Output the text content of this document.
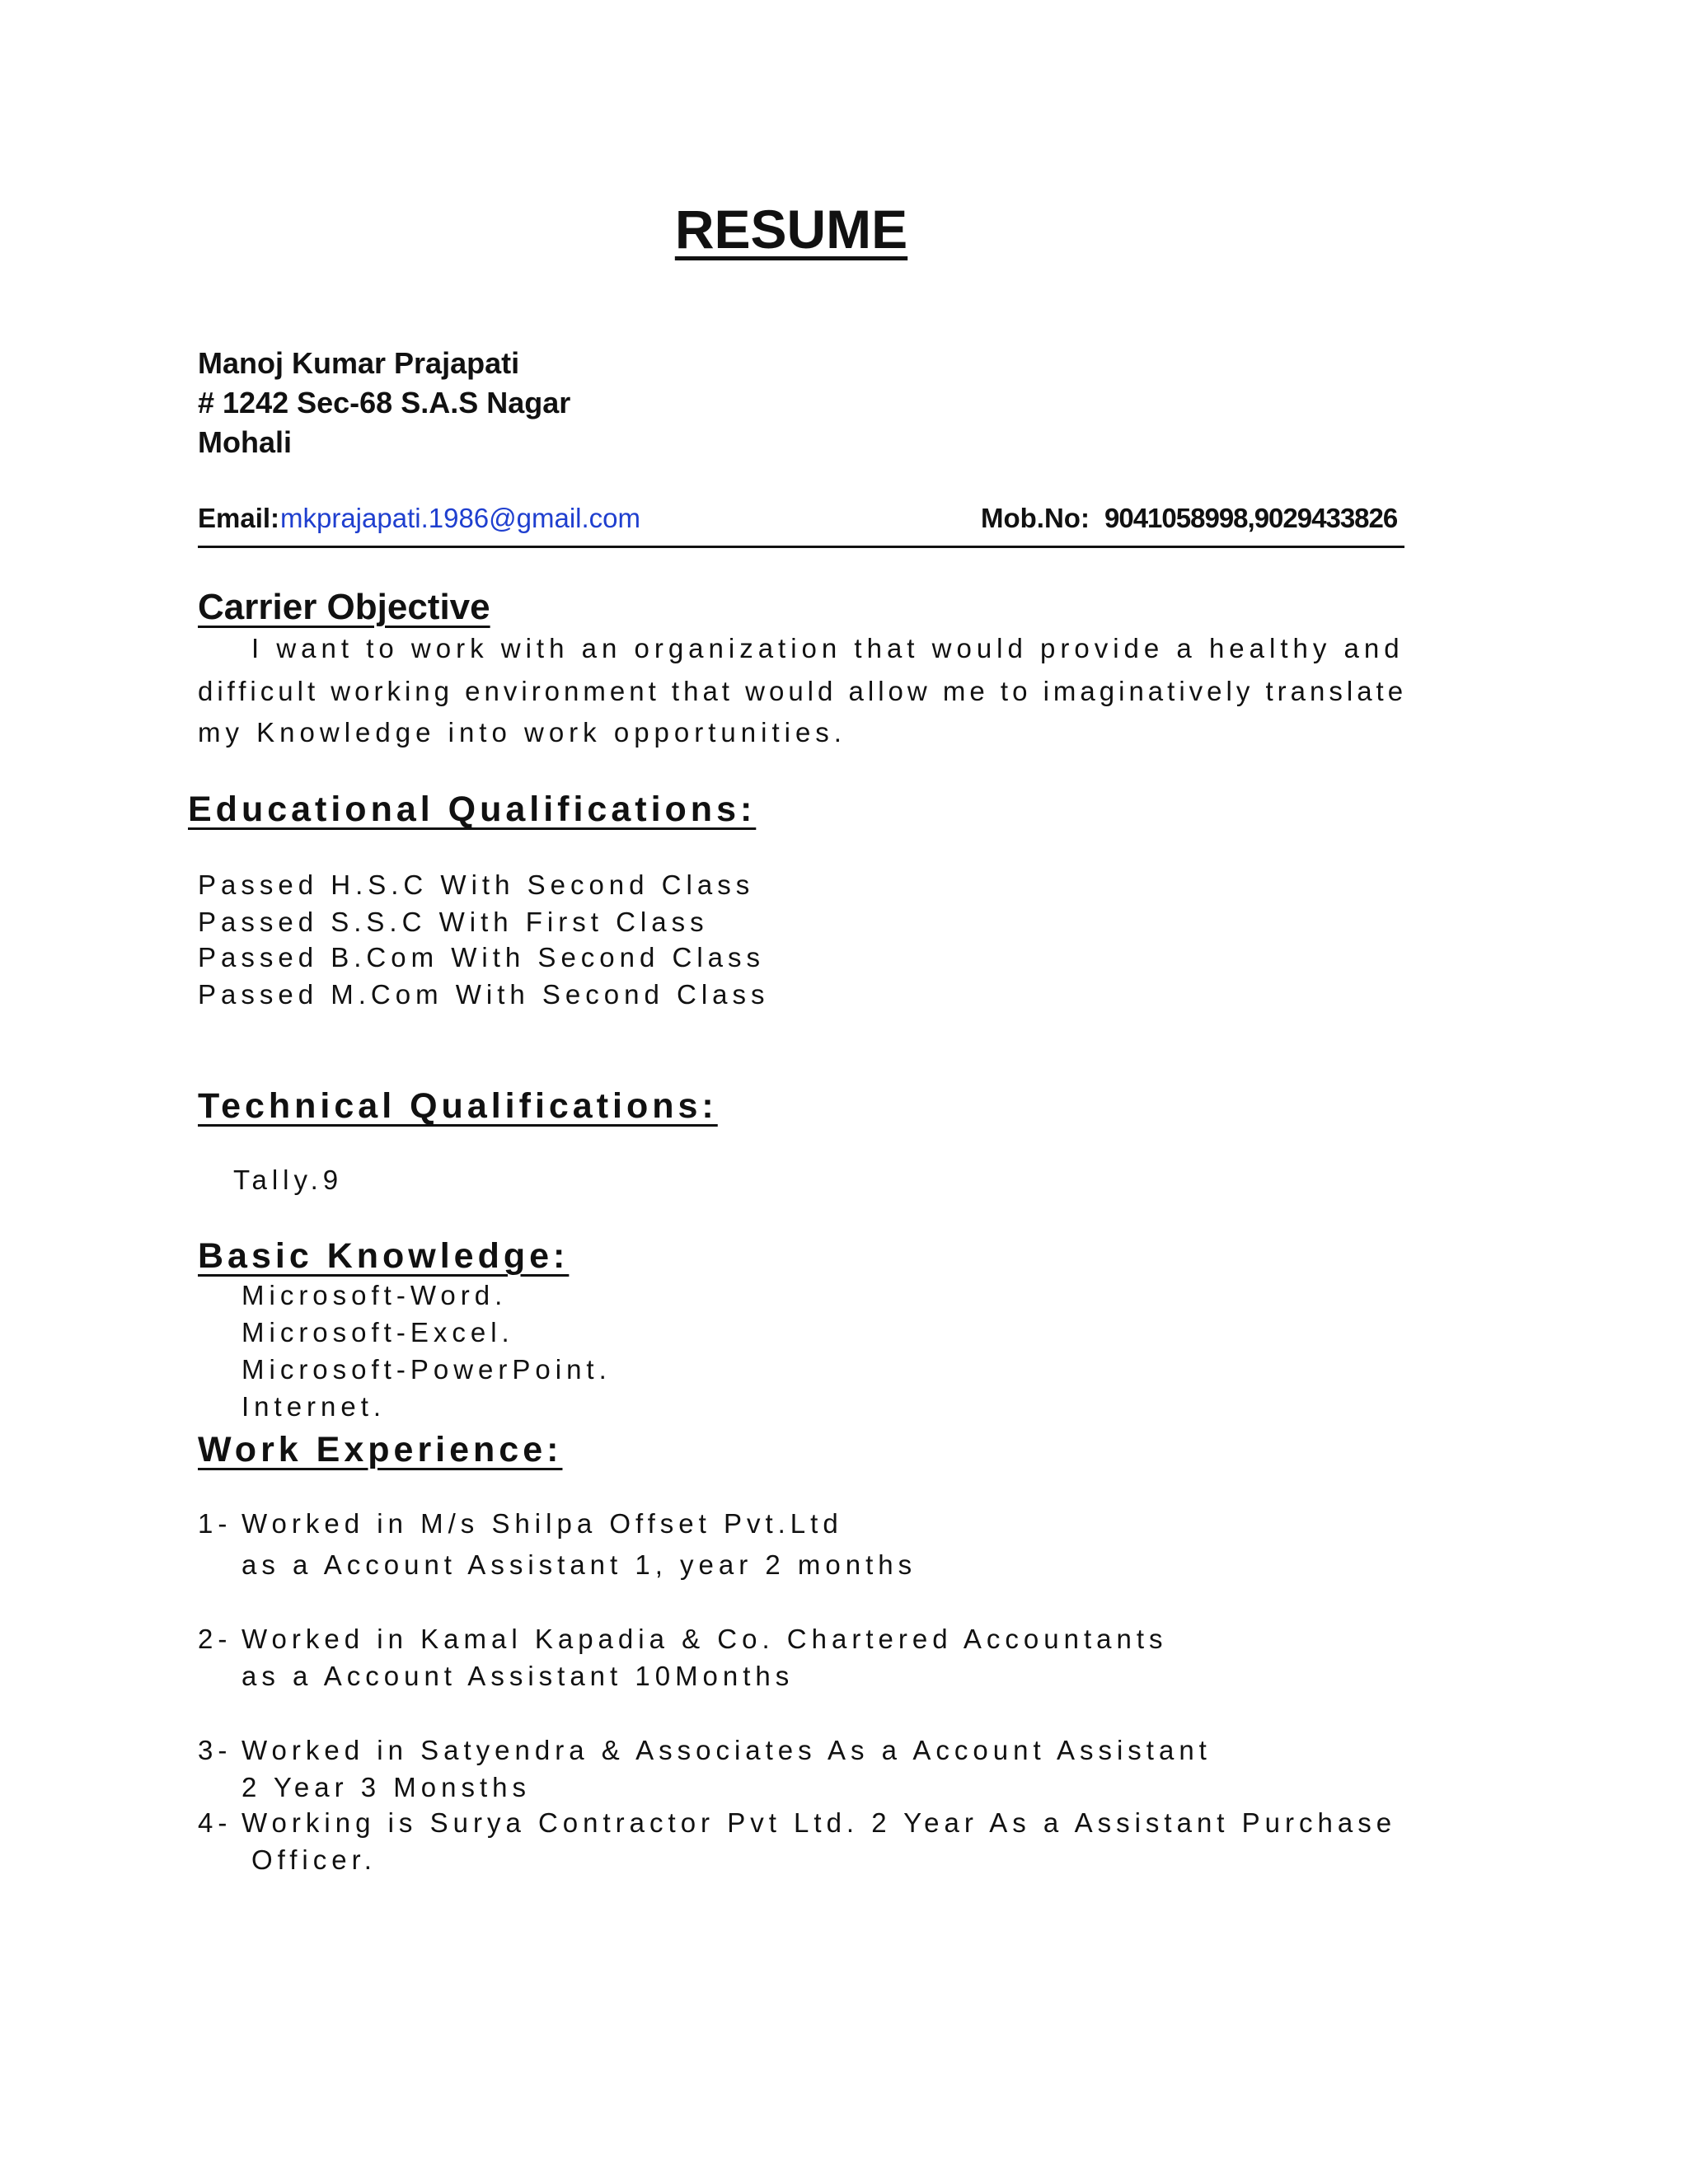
RESUME
Manoj Kumar Prajapati
# 1242 Sec-68 S.A.S Nagar
Mohali

Email:

mkprajapati.1986@gmail.com

	Mob.No:

9041058998,9029433826

Carrier Objective
I want to work with an organization that would provide a healthy and
difficult working environment that would allow me to imaginatively translate
my Knowledge into work opportunities.
Educational Qualifications:
Passed H.S.C With Second Class
Passed S.S.C With First Class
Passed B.Com With Second Class
Passed M.Com With Second Class
Technical Qualifications:
Tally.9
Basic Knowledge:
Microsoft-Word.
Microsoft-Excel.
Microsoft-PowerPoint.
Internet.
Work Experience:
1- Worked in M/s Shilpa Offset Pvt.Ltd
as a Account Assistant 1, year 2 months
2- Worked in Kamal Kapadia & Co. Chartered Accountants
as a Account Assistant 10Months
3- Worked in Satyendra & Associates As a Account Assistant
2 Year 3 Monsths
4- Working is Surya Contractor Pvt Ltd. 2 Year As a Assistant Purchase
Officer.
